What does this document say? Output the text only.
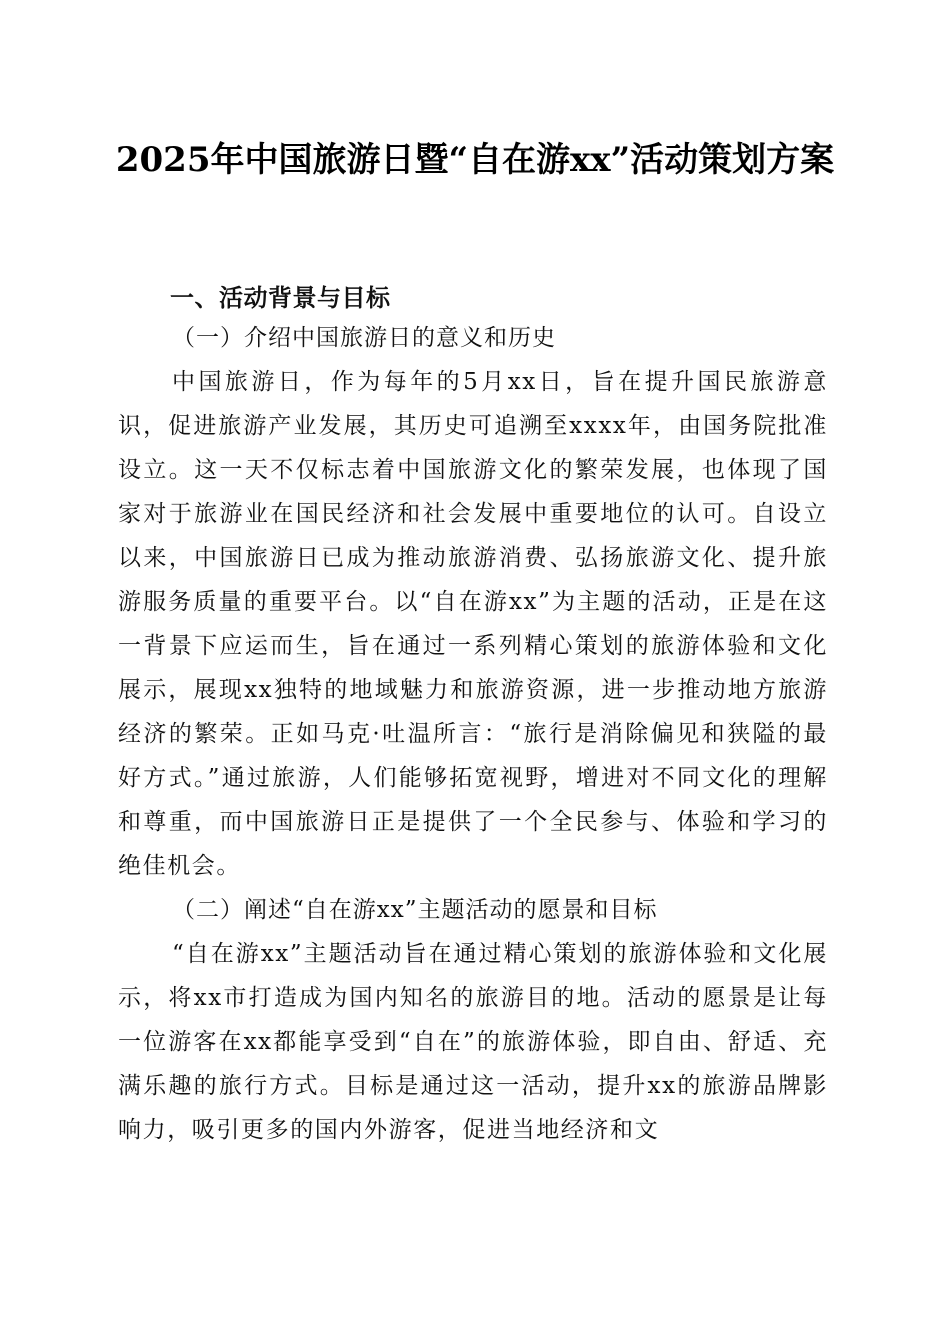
2025年中国旅游日暨“自在游xx”活动策划方案

一、活动背景与目标

（一）介绍中国旅游日的意义和历史

中国旅游日，作为每年的5月xx日，旨在提升国民旅游意识，促进旅游产业发展，其历史可追溯至xxxx年，由国务院批准设立。这一天不仅标志着中国旅游文化的繁荣发展，也体现了国家对于旅游业在国民经济和社会发展中重要地位的认可。自设立以来，中国旅游日已成为推动旅游消费、弘扬旅游文化、提升旅游服务质量的重要平台。以“自在游xx”为主题的活动，正是在这一背景下应运而生，旨在通过一系列精心策划的旅游体验和文化展示，展现xx独特的地域魅力和旅游资源，进一步推动地方旅游经济的繁荣。正如马克·吐温所言：“旅行是消除偏见和狭隘的最好方式。”通过旅游，人们能够拓宽视野，增进对不同文化的理解和尊重，而中国旅游日正是提供了一个全民参与、体验和学习的绝佳机会。

（二）阐述“自在游xx”主题活动的愿景和目标

“自在游xx”主题活动旨在通过精心策划的旅游体验和文化展示，将xx市打造成为国内知名的旅游目的地。活动的愿景是让每一位游客在xx都能享受到“自在”的旅游体验，即自由、舒适、充满乐趣的旅行方式。目标是通过这一活动，提升xx的旅游品牌影响力，吸引更多的国内外游客，促进当地经济和文
